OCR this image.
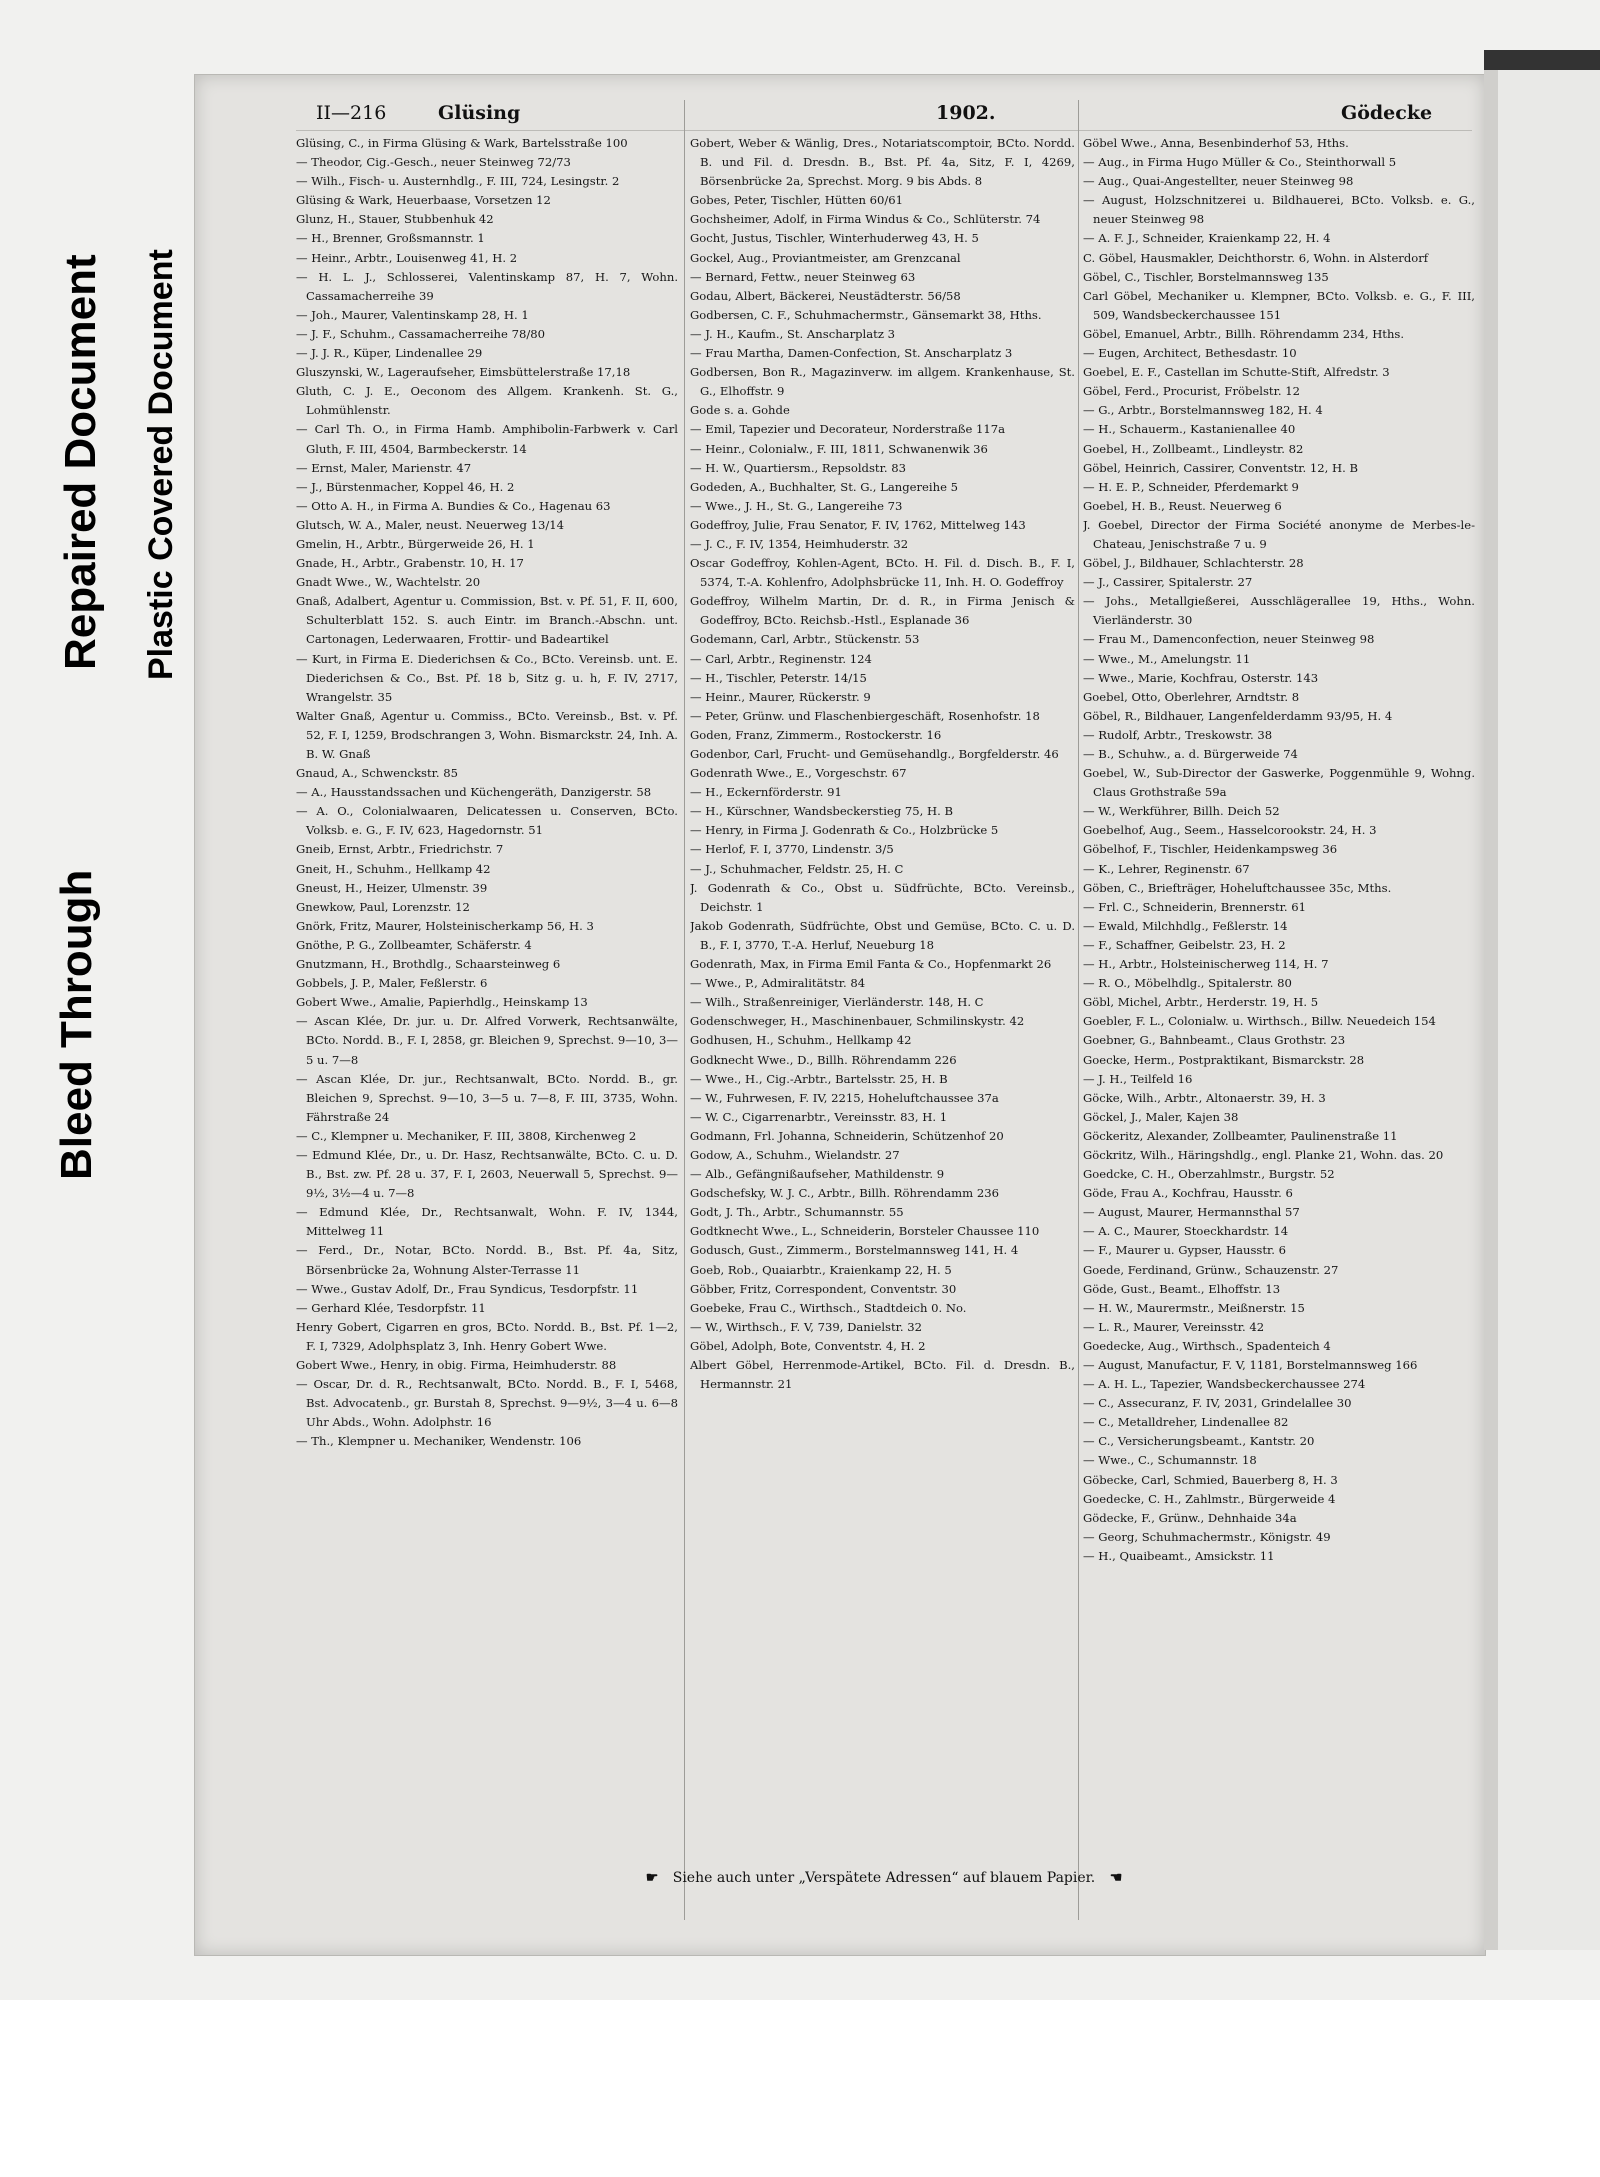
Bleed Through
Repaired Document Plastic Covered Document
II—216	Glüsing	1902.	Gödecke

Glüsing, C., in Firma Glüsing & Wark, Bartelsstraße 100

— Theodor, Cig.-Gesch., neuer Steinweg 72/73

— Wilh., Fisch- u. Austernhdlg., F. III, 724, Lesingstr. 2

Glüsing & Wark, Heuerbaase, Vorsetzen 12

Glunz, H., Stauer, Stubbenhuk 42

— H., Brenner, Großsmannstr. 1

— Heinr., Arbtr., Louisenweg 41, H. 2

— H. L. J., Schlosserei, Valentinskamp 87, H. 7, Wohn. Cassamacherreihe 39

— Joh., Maurer, Valentinskamp 28, H. 1

— J. F., Schuhm., Cassamacherreihe 78/80

— J. J. R., Küper, Lindenallee 29

Gluszynski, W., Lageraufseher, Eimsbüttelerstraße 17,18

Gluth, C. J. E., Oeconom des Allgem. Krankenh. St. G., Lohmühlenstr.

— Carl Th. O., in Firma Hamb. Amphibolin-Farbwerk v. Carl Gluth, F. III, 4504, Barmbeckerstr. 14

— Ernst, Maler, Marienstr. 47

— J., Bürstenmacher, Koppel 46, H. 2

— Otto A. H., in Firma A. Bundies & Co., Hagenau 63

Glutsch, W. A., Maler, neust. Neuerweg 13/14

Gmelin, H., Arbtr., Bürgerweide 26, H. 1

Gnade, H., Arbtr., Grabenstr. 10, H. 17

Gnadt Wwe., W., Wachtelstr. 20

Gnaß, Adalbert, Agentur u. Commission, Bst. v. Pf. 51, F. II, 600, Schulterblatt 152. S. auch Eintr. im Branch.-Abschn. unt. Cartonagen, Lederwaaren, Frottir- und Badeartikel

— Kurt, in Firma E. Diederichsen & Co., BCto. Vereinsb. unt. E. Diederichsen & Co., Bst. Pf. 18 b, Sitz g. u. h, F. IV, 2717, Wrangelstr. 35

Walter Gnaß, Agentur u. Commiss., BCto. Vereinsb., Bst. v. Pf. 52, F. I, 1259, Brodschrangen 3, Wohn. Bismarckstr. 24, Inh. A. B. W. Gnaß

Gnaud, A., Schwenckstr. 85

— A., Hausstandssachen und Küchengeräth, Danzigerstr. 58

— A. O., Colonialwaaren, Delicatessen u. Conserven, BCto. Volksb. e. G., F. IV, 623, Hagedornstr. 51

Gneib, Ernst, Arbtr., Friedrichstr. 7

Gneit, H., Schuhm., Hellkamp 42

Gneust, H., Heizer, Ulmenstr. 39

Gnewkow, Paul, Lorenzstr. 12

Gnörk, Fritz, Maurer, Holsteinischerkamp 56, H. 3

Gnöthe, P. G., Zollbeamter, Schäferstr. 4

Gnutzmann, H., Brothdlg., Schaarsteinweg 6

Gobbels, J. P., Maler, Feßlerstr. 6

Gobert Wwe., Amalie, Papierhdlg., Heinskamp 13

— Ascan Klée, Dr. jur. u. Dr. Alfred Vorwerk, Rechtsanwälte, BCto. Nordd. B., F. I, 2858, gr. Bleichen 9, Sprechst. 9—10, 3—5 u. 7—8

— Ascan Klée, Dr. jur., Rechtsanwalt, BCto. Nordd. B., gr. Bleichen 9, Sprechst. 9—10, 3—5 u. 7—8, F. III, 3735, Wohn. Fährstraße 24

— C., Klempner u. Mechaniker, F. III, 3808, Kirchenweg 2

— Edmund Klée, Dr., u. Dr. Hasz, Rechtsanwälte, BCto. C. u. D. B., Bst. zw. Pf. 28 u. 37, F. I, 2603, Neuerwall 5, Sprechst. 9—9½, 3½—4 u. 7—8

— Edmund Klée, Dr., Rechtsanwalt, Wohn. F. IV, 1344, Mittelweg 11

— Ferd., Dr., Notar, BCto. Nordd. B., Bst. Pf. 4a, Sitz, Börsenbrücke 2a, Wohnung Alster-Terrasse 11

— Wwe., Gustav Adolf, Dr., Frau Syndicus, Tesdorpfstr. 11

— Gerhard Klée, Tesdorpfstr. 11

Henry Gobert, Cigarren en gros, BCto. Nordd. B., Bst. Pf. 1—2, F. I, 7329, Adolphsplatz 3, Inh. Henry Gobert Wwe.

Gobert Wwe., Henry, in obig. Firma, Heimhuderstr. 88

— Oscar, Dr. d. R., Rechtsanwalt, BCto. Nordd. B., F. I, 5468, Bst. Advocatenb., gr. Burstah 8, Sprechst. 9—9½, 3—4 u. 6—8 Uhr Abds., Wohn. Adolphstr. 16

— Th., Klempner u. Mechaniker, Wendenstr. 106

Gobert, Weber & Wänlig, Dres., Notariatscomptoir, BCto. Nordd. B. und Fil. d. Dresdn. B., Bst. Pf. 4a, Sitz, F. I, 4269, Börsenbrücke 2a, Sprechst. Morg. 9 bis Abds. 8

Gobes, Peter, Tischler, Hütten 60/61

Gochsheimer, Adolf, in Firma Windus & Co., Schlüterstr. 74

Gocht, Justus, Tischler, Winterhuderweg 43, H. 5

Gockel, Aug., Proviantmeister, am Grenzcanal

— Bernard, Fettw., neuer Steinweg 63

Godau, Albert, Bäckerei, Neustädterstr. 56/58

Godbersen, C. F., Schuhmachermstr., Gänsemarkt 38, Hths.

— J. H., Kaufm., St. Anscharplatz 3

— Frau Martha, Damen-Confection, St. Anscharplatz 3

Godbersen, Bon R., Magazinverw. im allgem. Krankenhause, St. G., Elhoffstr. 9

Gode s. a. Gohde

— Emil, Tapezier und Decorateur, Norderstraße 117a

— Heinr., Colonialw., F. III, 1811, Schwanenwik 36

— H. W., Quartiersm., Repsoldstr. 83

Godeden, A., Buchhalter, St. G., Langereihe 5

— Wwe., J. H., St. G., Langereihe 73

Godeffroy, Julie, Frau Senator, F. IV, 1762, Mittelweg 143

— J. C., F. IV, 1354, Heimhuderstr. 32

Oscar Godeffroy, Kohlen-Agent, BCto. H. Fil. d. Disch. B., F. I, 5374, T.-A. Kohlenfro, Adolphsbrücke 11, Inh. H. O. Godeffroy

Godeffroy, Wilhelm Martin, Dr. d. R., in Firma Jenisch & Godeffroy, BCto. Reichsb.-Hstl., Esplanade 36

Godemann, Carl, Arbtr., Stückenstr. 53

— Carl, Arbtr., Reginenstr. 124

— H., Tischler, Peterstr. 14/15

— Heinr., Maurer, Rückerstr. 9

— Peter, Grünw. und Flaschenbiergeschäft, Rosenhofstr. 18

Goden, Franz, Zimmerm., Rostockerstr. 16

Godenbor, Carl, Frucht- und Gemüsehandlg., Borgfelderstr. 46

Godenrath Wwe., E., Vorgeschstr. 67

— H., Eckernförderstr. 91

— H., Kürschner, Wandsbeckerstieg 75, H. B

— Henry, in Firma J. Godenrath & Co., Holzbrücke 5

— Herlof, F. I, 3770, Lindenstr. 3/5

— J., Schuhmacher, Feldstr. 25, H. C

J. Godenrath & Co., Obst u. Südfrüchte, BCto. Vereinsb., Deichstr. 1

Jakob Godenrath, Südfrüchte, Obst und Gemüse, BCto. C. u. D. B., F. I, 3770, T.-A. Herluf, Neueburg 18

Godenrath, Max, in Firma Emil Fanta & Co., Hopfenmarkt 26

— Wwe., P., Admiralitätstr. 84

— Wilh., Straßenreiniger, Vierländerstr. 148, H. C

Godenschweger, H., Maschinenbauer, Schmilinskystr. 42

Godhusen, H., Schuhm., Hellkamp 42

Godknecht Wwe., D., Billh. Röhrendamm 226

— Wwe., H., Cig.-Arbtr., Bartelsstr. 25, H. B

— W., Fuhrwesen, F. IV, 2215, Hoheluftchaussee 37a

— W. C., Cigarrenarbtr., Vereinsstr. 83, H. 1

Godmann, Frl. Johanna, Schneiderin, Schützenhof 20

Godow, A., Schuhm., Wielandstr. 27

— Alb., Gefängnißaufseher, Mathildenstr. 9

Godschefsky, W. J. C., Arbtr., Billh. Röhrendamm 236

Godt, J. Th., Arbtr., Schumannstr. 55

Godtknecht Wwe., L., Schneiderin, Borsteler Chaussee 110

Godusch, Gust., Zimmerm., Borstelmannsweg 141, H. 4

Goeb, Rob., Quaiarbtr., Kraienkamp 22, H. 5

Göbber, Fritz, Correspondent, Conventstr. 30

Goebeke, Frau C., Wirthsch., Stadtdeich 0. No.

— W., Wirthsch., F. V, 739, Danielstr. 32

Göbel, Adolph, Bote, Conventstr. 4, H. 2

Albert Göbel, Herrenmode-Artikel, BCto. Fil. d. Dresdn. B., Hermannstr. 21

Göbel Wwe., Anna, Besenbinderhof 53, Hths.

— Aug., in Firma Hugo Müller & Co., Steinthorwall 5

— Aug., Quai-Angestellter, neuer Steinweg 98

— August, Holzschnitzerei u. Bildhauerei, BCto. Volksb. e. G., neuer Steinweg 98

— A. F. J., Schneider, Kraienkamp 22, H. 4

C. Göbel, Hausmakler, Deichthorstr. 6, Wohn. in Alsterdorf

Göbel, C., Tischler, Borstelmannsweg 135

Carl Göbel, Mechaniker u. Klempner, BCto. Volksb. e. G., F. III, 509, Wandsbeckerchaussee 151

Göbel, Emanuel, Arbtr., Billh. Röhrendamm 234, Hths.

— Eugen, Architect, Bethesdastr. 10

Goebel, E. F., Castellan im Schutte-Stift, Alfredstr. 3

Göbel, Ferd., Procurist, Fröbelstr. 12

— G., Arbtr., Borstelmannsweg 182, H. 4

— H., Schauerm., Kastanienallee 40

Goebel, H., Zollbeamt., Lindleystr. 82

Göbel, Heinrich, Cassirer, Conventstr. 12, H. B

— H. E. P., Schneider, Pferdemarkt 9

Goebel, H. B., Reust. Neuerweg 6

J. Goebel, Director der Firma Société anonyme de Merbes-le-Chateau, Jenischstraße 7 u. 9

Göbel, J., Bildhauer, Schlachterstr. 28

— J., Cassirer, Spitalerstr. 27

— Johs., Metallgießerei, Ausschlägerallee 19, Hths., Wohn. Vierländerstr. 30

— Frau M., Damenconfection, neuer Steinweg 98

— Wwe., M., Amelungstr. 11

— Wwe., Marie, Kochfrau, Osterstr. 143

Goebel, Otto, Oberlehrer, Arndtstr. 8

Göbel, R., Bildhauer, Langenfelderdamm 93/95, H. 4

— Rudolf, Arbtr., Treskowstr. 38

— B., Schuhw., a. d. Bürgerweide 74

Goebel, W., Sub-Director der Gaswerke, Poggenmühle 9, Wohng. Claus Grothstraße 59a

— W., Werkführer, Billh. Deich 52

Goebelhof, Aug., Seem., Hasselcorookstr. 24, H. 3

Göbelhof, F., Tischler, Heidenkampsweg 36

— K., Lehrer, Reginenstr. 67

Göben, C., Briefträger, Hoheluftchaussee 35c, Mths.

— Frl. C., Schneiderin, Brennerstr. 61

— Ewald, Milchhdlg., Feßlerstr. 14

— F., Schaffner, Geibelstr. 23, H. 2

— H., Arbtr., Holsteinischerweg 114, H. 7

— R. O., Möbelhdlg., Spitalerstr. 80

Göbl, Michel, Arbtr., Herderstr. 19, H. 5

Goebler, F. L., Colonialw. u. Wirthsch., Billw. Neuedeich 154

Goebner, G., Bahnbeamt., Claus Grothstr. 23

Goecke, Herm., Postpraktikant, Bismarckstr. 28

— J. H., Teilfeld 16

Göcke, Wilh., Arbtr., Altonaerstr. 39, H. 3

Göckel, J., Maler, Kajen 38

Göckeritz, Alexander, Zollbeamter, Paulinenstraße 11

Göckritz, Wilh., Häringshdlg., engl. Planke 21, Wohn. das. 20

Goedcke, C. H., Oberzahlmstr., Burgstr. 52

Göde, Frau A., Kochfrau, Hausstr. 6

— August, Maurer, Hermannsthal 57

— A. C., Maurer, Stoeckhardstr. 14

— F., Maurer u. Gypser, Hausstr. 6

Goede, Ferdinand, Grünw., Schauzenstr. 27

Göde, Gust., Beamt., Elhoffstr. 13

— H. W., Maurermstr., Meißnerstr. 15

— L. R., Maurer, Vereinsstr. 42

Goedecke, Aug., Wirthsch., Spadenteich 4

— August, Manufactur, F. V, 1181, Borstelmannsweg 166

— A. H. L., Tapezier, Wandsbeckerchaussee 274

— C., Assecuranz, F. IV, 2031, Grindelallee 30

— C., Metalldreher, Lindenallee 82

— C., Versicherungsbeamt., Kantstr. 20

— Wwe., C., Schumannstr. 18

Göbecke, Carl, Schmied, Bauerberg 8, H. 3

Goedecke, C. H., Zahlmstr., Bürgerweide 4

Gödecke, F., Grünw., Dehnhaide 34a

— Georg, Schuhmachermstr., Königstr. 49

— H., Quaibeamt., Amsickstr. 11

☛ Siehe auch unter „Verspätete Adressen“ auf blauem Papier. ☚
